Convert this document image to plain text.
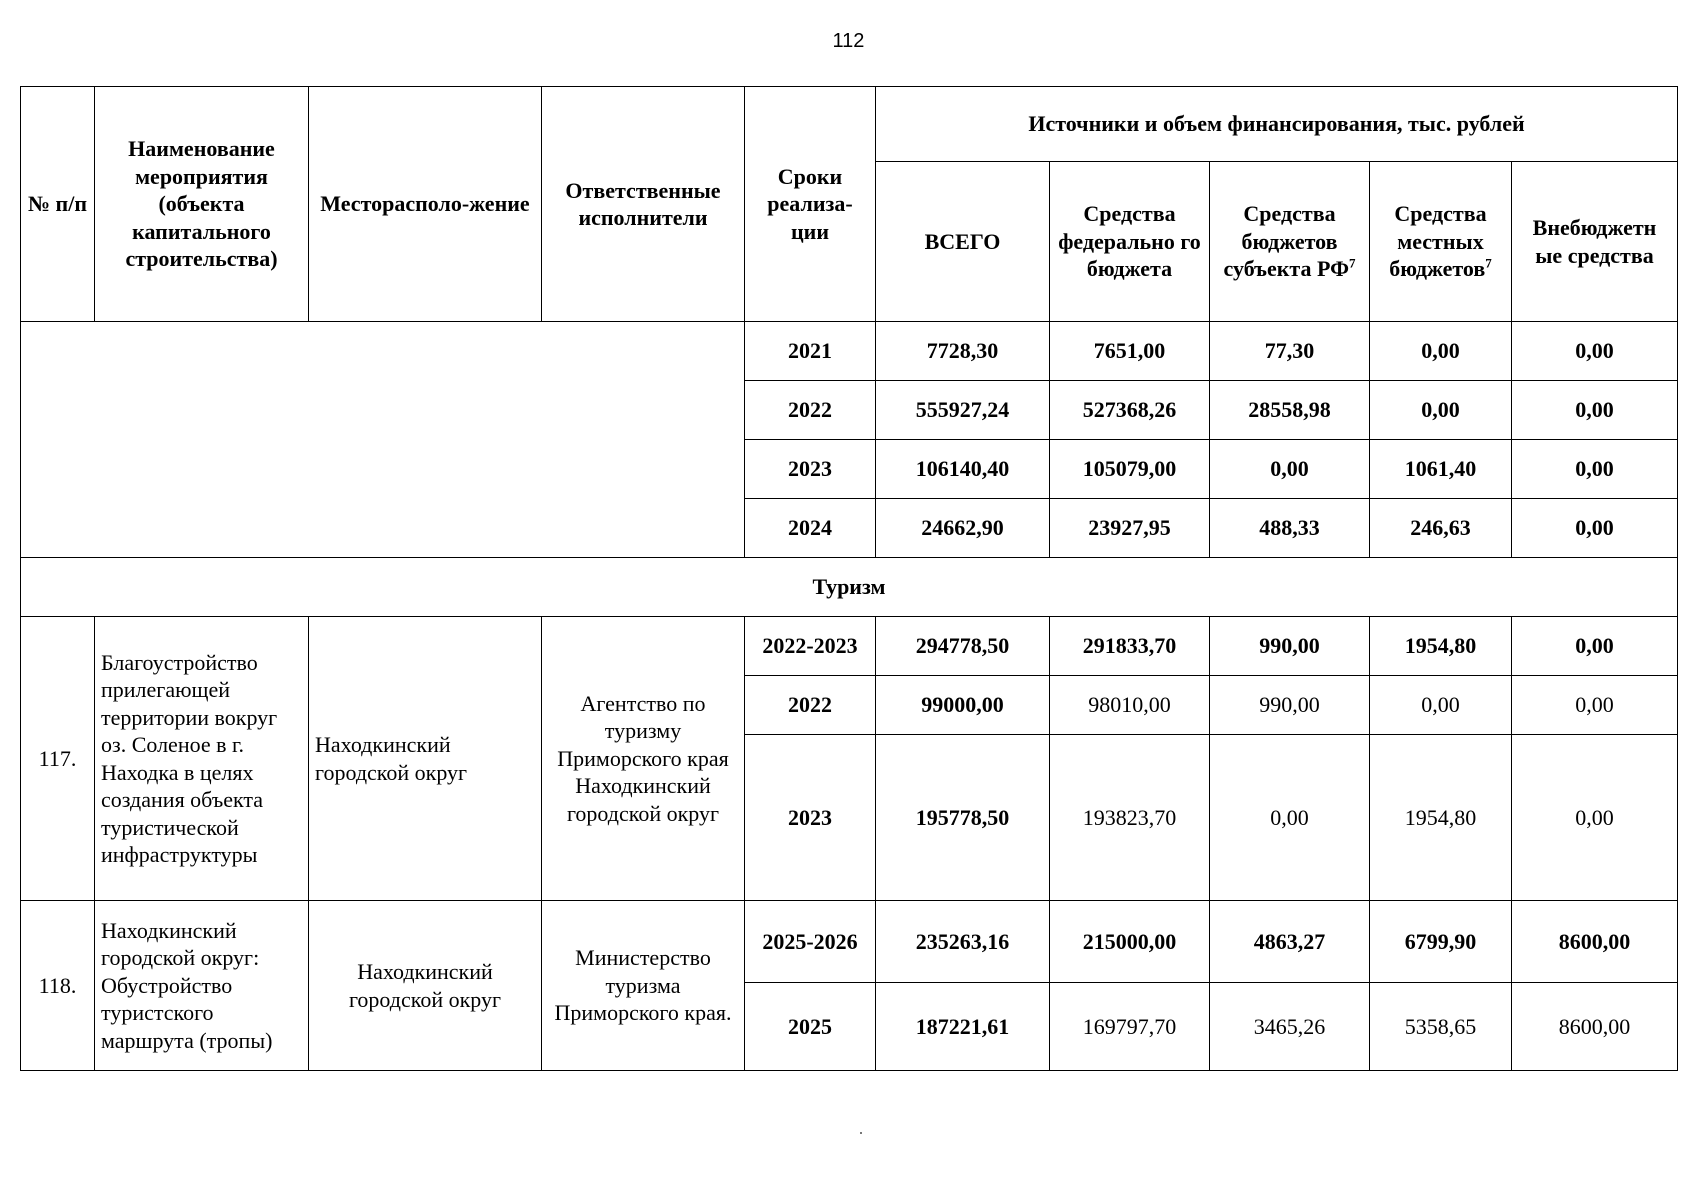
112
№ п/п	Наименование мероприятия (объекта капитального строительства)	Месторасполо-жение	Ответственные исполнители	Сроки реализа-ции	Источники и объем финансирования, тыс. рублей				
					ВСЕГО	Средства федерально го бюджета	Средства бюджетов субъекта $РФ^7$	Средства местных бюджетов$^7$	Внебюджетн ые средства
				2021	7728,30	7651,00	77,30	0,00	0,00
				2022	555927,24	527368,26	28558,98	0,00	0,00
				2023	106140,40	105079,00	0,00	1061,40	0,00
				2024	24662,90	23927,95	488,33	246,63	0,00
Туризм									
117.	Благоустройство прилегающей территории вокруг оз. Соленое в г. Находка в целях создания объекта туристической инфраструктуры	Находкинский городской округ	Агентство по туризму Приморского края Находкинский городской округ	2022-2023	294778,50	291833,70	990,00	1954,80	0,00
				2022	99000,00	98010,00	990,00	0,00	0,00
				2023	195778,50	193823,70	0,00	1954,80	0,00
118.	Находкинский городской округ: Обустройство туристского маршрута (тропы)	Находкинский городской округ	Министерство туризма Приморского края.	2025-2026	235263,16	215000,00	4863,27	6799,90	8600,00
				2025	187221,61	169797,70	3465,26	5358,65	8600,00
